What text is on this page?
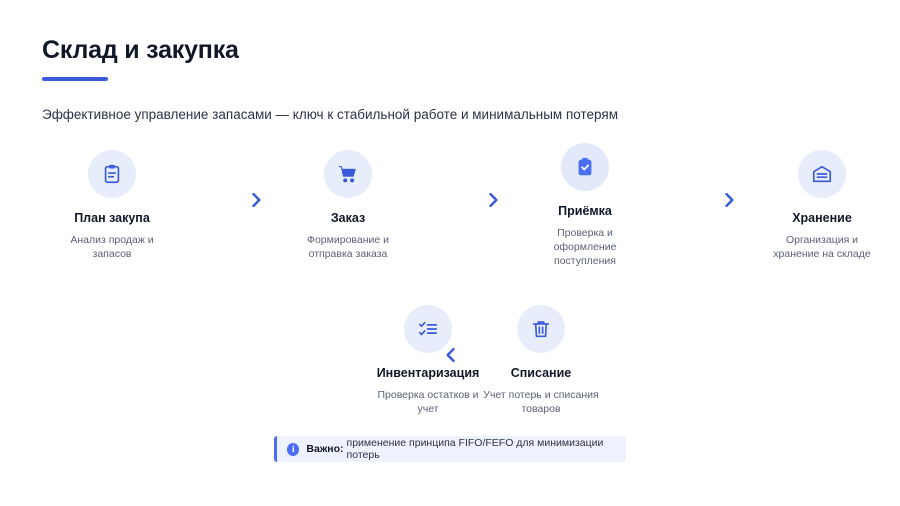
Склад и закупка
Эффективное управление запасами — ключ к стабильной работе и минимальным потерям
План закупа
Анализ продаж и запасов
Заказ
Формирование и отправка заказа
Приёмка
Проверка и оформление поступления
Хранение
Организация и хранение на складе
Инвентаризация
Проверка остатков и учет
Списание
Учет потерь и списания товаров
i	Важно: применение принципа FIFO/FEFO для минимизации потерь
